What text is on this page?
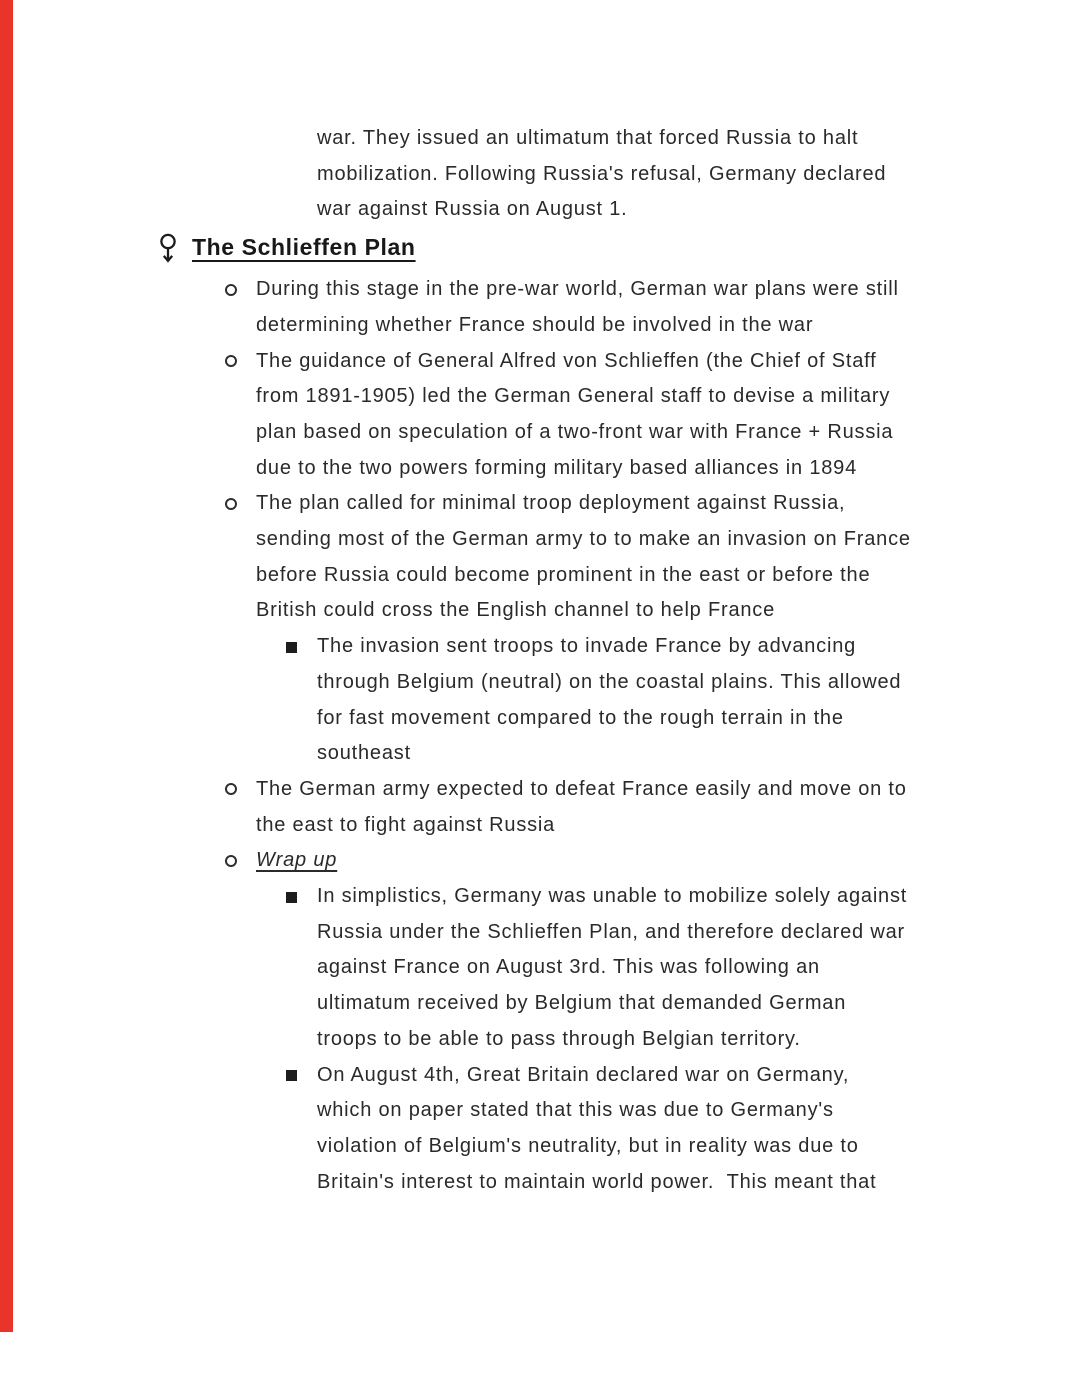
war. They issued an ultimatum that forced Russia to halt
mobilization. Following Russia's refusal, Germany declared
war against Russia on August 1.
The Schlieffen Plan
During this stage in the pre-war world, German war plans were still
determining whether France should be involved in the war
The guidance of General Alfred von Schlieffen (the Chief of Staff
from 1891-1905) led the German General staff to devise a military
plan based on speculation of a two-front war with France + Russia
due to the two powers forming military based alliances in 1894
The plan called for minimal troop deployment against Russia,
sending most of the German army to to make an invasion on France
before Russia could become prominent in the east or before the
British could cross the English channel to help France
The invasion sent troops to invade France by advancing
through Belgium (neutral) on the coastal plains. This allowed
for fast movement compared to the rough terrain in the
southeast
The German army expected to defeat France easily and move on to
the east to fight against Russia
Wrap up
In simplistics, Germany was unable to mobilize solely against
Russia under the Schlieffen Plan, and therefore declared war
against France on August 3rd. This was following an
ultimatum received by Belgium that demanded German
troops to be able to pass through Belgian territory.
On August 4th, Great Britain declared war on Germany,
which on paper stated that this was due to Germany's
violation of Belgium's neutrality, but in reality was due to
Britain's interest to maintain world power.  This meant that
